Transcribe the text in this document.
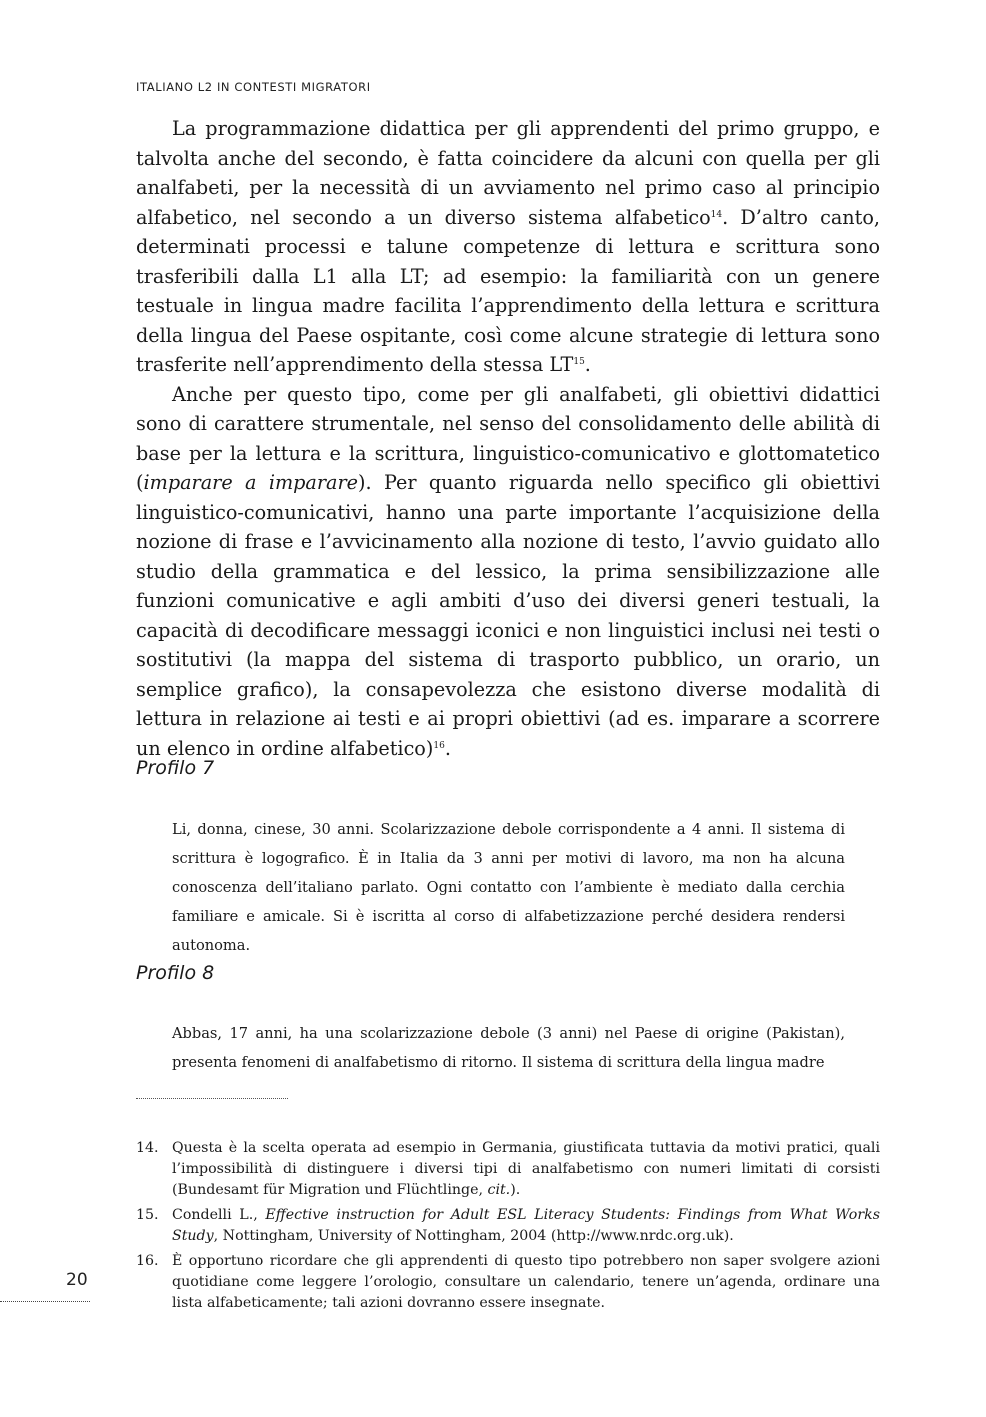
ITALIANO L2 IN CONTESTI MIGRATORI

La programmazione didattica per gli apprendenti del primo gruppo, e talvolta anche del secondo, è fatta coincidere da alcuni con quella per gli analfabeti, per la necessità di un avviamento nel primo caso al principio alfabetico, nel secondo a un diverso sistema alfabetico$^{14}$. D’altro canto, determinati processi e talune competenze di lettura e scrittura sono trasferibili dalla L1 alla LT; ad esempio: la familiarità con un genere testuale in lingua madre facilita l’apprendimento della lettura e scrittura della lingua del Paese ospitante, così come alcune strategie di lettura sono trasferite nell’apprendimento della stessa LT$^{15}$.

Anche per questo tipo, come per gli analfabeti, gli obiettivi didattici sono di carattere strumentale, nel senso del consolidamento delle abilità di base per la lettura e la scrittura, linguistico-comunicativo e glottomatetico (imparare a imparare). Per quanto riguarda nello specifico gli obiettivi linguistico-comunicativi, hanno una parte importante l’acquisizione della nozione di frase e l’avvicinamento alla nozione di testo, l’avvio guidato allo studio della grammatica e del lessico, la prima sensibilizzazione alle funzioni comunicative e agli ambiti d’uso dei diversi generi testuali, la capacità di decodificare messaggi iconici e non linguistici inclusi nei testi o sostitutivi (la mappa del sistema di trasporto pubblico, un orario, un semplice grafico), la consapevolezza che esistono diverse modalità di lettura in relazione ai testi e ai propri obiettivi (ad es. imparare a scorrere un elenco in ordine alfabetico)$^{16}$.

Profilo 7

Li, donna, cinese, 30 anni. Scolarizzazione debole corrispondente a 4 anni. Il sistema di scrittura è logografico. È in Italia da 3 anni per motivi di lavoro, ma non ha alcuna conoscenza dell’italiano parlato. Ogni contatto con l’ambiente è mediato dalla cerchia familiare e amicale. Si è iscritta al corso di alfabetizzazione perché desidera rendersi autonoma.

Profilo 8

Abbas, 17 anni, ha una scolarizzazione debole (3 anni) nel Paese di origine (Pakistan), presenta fenomeni di analfabetismo di ritorno. Il sistema di scrittura della lingua madre

14. Questa è la scelta operata ad esempio in Germania, giustificata tuttavia da motivi pratici, quali l’impossibilità di distinguere i diversi tipi di analfabetismo con numeri limitati di corsisti (Bundesamt für Migration und Flüchtlinge, cit.).
15. Condelli L., Effective instruction for Adult ESL Literacy Students: Findings from What Works Study, Nottingham, University of Nottingham, 2004 (http://www.nrdc.org.uk).
16. È opportuno ricordare che gli apprendenti di questo tipo potrebbero non saper svolgere azioni quotidiane come leggere l’orologio, consultare un calendario, tenere un’agenda, ordinare una lista alfabeticamente; tali azioni dovranno essere insegnate.
20
